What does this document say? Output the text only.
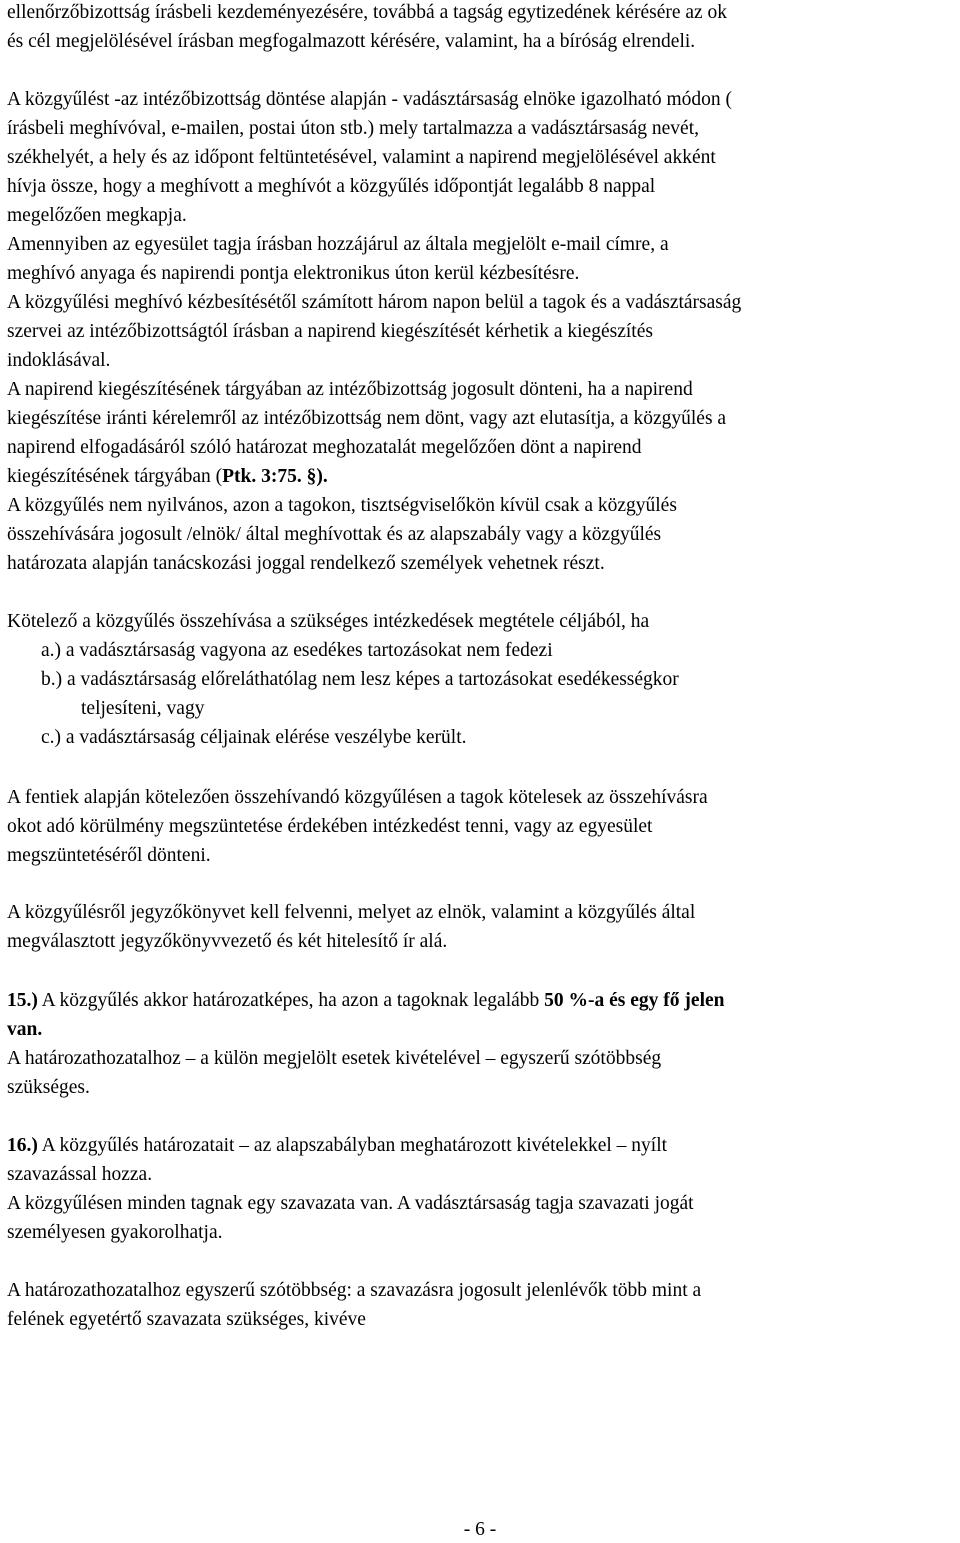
ellenőrzőbizottság írásbeli kezdeményezésére, továbbá a tagság egytizedének kérésére az ok
és cél megjelölésével írásban megfogalmazott kérésére, valamint, ha a bíróság elrendeli.
A közgyűlést -az intézőbizottság döntése alapján - vadásztársaság elnöke igazolható módon (
írásbeli meghívóval, e-mailen, postai úton stb.) mely tartalmazza a vadásztársaság nevét,
székhelyét, a hely és az időpont feltüntetésével, valamint a napirend megjelölésével akként
hívja össze, hogy a meghívott a meghívót a közgyűlés időpontját legalább 8 nappal
megelőzően megkapja.
Amennyiben az egyesület tagja írásban hozzájárul az általa megjelölt e-mail címre, a
meghívó anyaga és napirendi pontja elektronikus úton kerül kézbesítésre.
A közgyűlési meghívó kézbesítésétől számított három napon belül a tagok és a vadásztársaság
szervei az intézőbizottságtól írásban a napirend kiegészítését kérhetik a kiegészítés
indoklásával.
A napirend kiegészítésének tárgyában az intézőbizottság jogosult dönteni, ha a napirend
kiegészítése iránti kérelemről az intézőbizottság nem dönt, vagy azt elutasítja, a közgyűlés a
napirend elfogadásáról szóló határozat meghozatalát megelőzően dönt a napirend
kiegészítésének tárgyában (Ptk. 3:75. §).
A közgyűlés nem nyilvános, azon a tagokon, tisztségviselőkön kívül csak a közgyűlés
összehívására jogosult /elnök/ által meghívottak és az alapszabály vagy a közgyűlés
határozata alapján tanácskozási joggal rendelkező személyek vehetnek részt.
Kötelező a közgyűlés összehívása a szükséges intézkedések megtétele céljából, ha
a.) a vadásztársaság vagyona az esedékes tartozásokat nem fedezi
b.) a vadásztársaság előreláthatólag nem lesz képes a tartozásokat esedékességkor
teljesíteni, vagy
c.) a vadásztársaság céljainak elérése veszélybe került.
A fentiek alapján kötelezően összehívandó közgyűlésen a tagok kötelesek az összehívásra
okot adó körülmény megszüntetése érdekében intézkedést tenni, vagy az egyesület
megszüntetéséről dönteni.
A közgyűlésről jegyzőkönyvet kell felvenni, melyet az elnök, valamint a közgyűlés által
megválasztott jegyzőkönyvvezető és két hitelesítő ír alá.
15.) A közgyűlés akkor határozatképes, ha azon a tagoknak legalább 50 %-a és egy fő jelen
van.
A határozathozatalhoz – a külön megjelölt esetek kivételével – egyszerű szótöbbség
szükséges.
16.) A közgyűlés határozatait – az alapszabályban meghatározott kivételekkel – nyílt
szavazással hozza.
A közgyűlésen minden tagnak egy szavazata van. A vadásztársaság tagja szavazati jogát
személyesen gyakorolhatja.
A határozathozatalhoz egyszerű szótöbbség: a szavazásra jogosult jelenlévők több mint a
felének egyetértő szavazata szükséges, kivéve
- 6 -
